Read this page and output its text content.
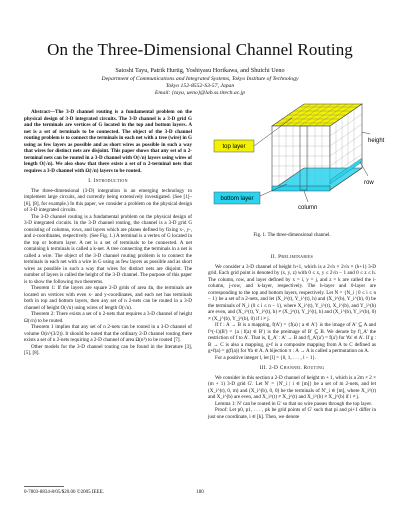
On the Three-Dimensional Channel Routing
Satoshi Tayu, Patrik Hurtig, Yoshiyasu Horikawa, and Shuichi Ueno
Department of Communications and Integrated Systems, Tokyo Institute of Technology
Tokyo 152-8552-S3-57, Japan
Email: {tayu, ueno}@lab.ss.titech.ac.jp

Abstract—The 3-D channel routing is a fundamental problem on the physical design of 3-D integrated circuits. The 3-D channel is a 3-D grid G and the terminals are vertices of G located in the top and bottom layers. A net is a set of terminals to be connected. The object of the 3-D channel routing problem is to connect the terminals in each net with a tree (wire) in G using as few layers as possible and as short wires as possible in such a way that wires for distinct nets are disjoint. This paper shows that any set of n 2-terminal nets can be routed in a 3-D channel with O(√n) layers using wires of length O(√n). We also show that there exists a set of n 2-terminal nets that requires a 3-D channel with Ω(√n) layers to be routed.

I. Introduction

The three-dimensional (3-D) integration is an emerging technology to implement large circuits, and currently being extensively investigated. (See [1]–[6], [8], for example.) In this paper, we consider a problem on the physical design of 3-D integrated circuits.

The 3-D channel routing is a fundamental problem on the physical design of 3-D integrated circuits. In the 3-D channel routing, the channel is a 3-D grid G consisting of columns, rows, and layers which are planes defined by fixing x-, y-, and z-coordinates, respectively. (See Fig. 1.) A terminal is a vertex of G located in the top or bottom layer. A net is a set of terminals to be connected. A net containing k terminals is called a k-net. A tree connecting the terminals in a net is called a wire. The object of the 3-D channel routing problem is to connect the terminals in each net with a wire in G using as few layers as possible and as short wires as possible in such a way that wires for distinct nets are disjoint. The number of layers is called the height of the 3-D channel. The purpose of this paper is to show the following two theorems.

Theorem 1: If the layers are square 2-D grids of area 4n, the terminals are located on vertices with even x- and y-coordinates, and each net has terminals both in top and bottom layers, then any set of n 2-nets can be routed in a 3-D channel of height O(√n) using wires of length O(√n).

Theorem 2: There exists a set of n 2-nets that requires a 3-D channel of height Ω(√n) to be routed.

Theorem 1 implies that any set of n 2-nets can be routed in a 3-D channel of volume O(n^(3/2)). It should be noted that the ordinary 2-D channel routing there exists a set of n 2-nets requiring a 2-D channel of area Ω(n²) to be routed [7].

Other models for the 3-D channel routing can be found in the literature [3], [5], [8].

top layer
bottom layer
height
row
column
Fig. 1. The three-dimensional channel.
II. Preliminaries

We consider a 3-D channel of height h+1, which is a 2√n × 2√n × (h+1) 3-D grid. Each grid point is denoted by (x, y, z) with 0 ≤ x, y ≤ 2√n − 1 and 0 ≤ z ≤ h. The column, row, and layer defined by x = i, y = j, and z = k are called the i-column, j-row, and k-layer, respectively. The h-layer and 0-layer are corresponding to the top and bottom layers, respectively. Let N = {N_i | 0 ≤ i ≤ n − 1} be a set of n 2-nets, and let (X_i^(t), Y_i^(t), h) and (X_i^(b), Y_i^(b), 0) be the terminals of N_i (0 ≤ i ≤ n − 1), where X_i^(t), Y_i^(t), X_i^(b), and Y_i^(b) are even, and (X_i^(t), Y_i^(t), h) ≠ (X_j^(t), Y_j^(t), h) and (X_i^(b), Y_i^(b), 0) ≠ (X_j^(b), Y_j^(b), 0) if i ≠ j.

If f : A → B is a mapping, f(A') = {f(a) | a ∈ A'} is the image of A' ⊆ A and f^(-1)(B') = {a | f(a) ∈ B'} is the preimage of B' ⊆ B. We denote by f|_A' the restriction of f to A'. That is, f|_A' : A' → B and f|_A'(a') = f(a') for ∀a' ∈ A'. If g : B → C is also a mapping, g∘f is a composite mapping from A to C defined as g∘f(a) = g(f(a)) for ∀a ∈ A. A bijection π : A → A is called a permutation on A.

For a positive integer l, let [l] = {0, 1, . . . , l − 1}.

III. 2-D Channel Routing

We consider in this section a 2-D channel of height m + 1, which is a 2m × 2 × (m + 1) 3-D grid G'. Let N' = {N'_i | i ∈ [m]} be a set of m 2-nets, and let (X_i^(t), 0, m) and (X_i^(b), 0, 0) be the terminals of N'_i ∈ [m], where X_i^(t) and X_i^(b) are even, and X_i^(t) ≠ X_j^(t) and X_i^(b) ≠ X_j^(b) if i ≠ j.

Lemma 1: N' can be routed in G' so that no wire passes through the top layer.

Proof: Let p0, p1, . . . , pk be grid points of G' such that pi and pi+1 differ in just one coordinate, i ∈ [k]. Then, we denote

0-7803-8834-8/05/$20.00 ©2005 IEEE.	180
